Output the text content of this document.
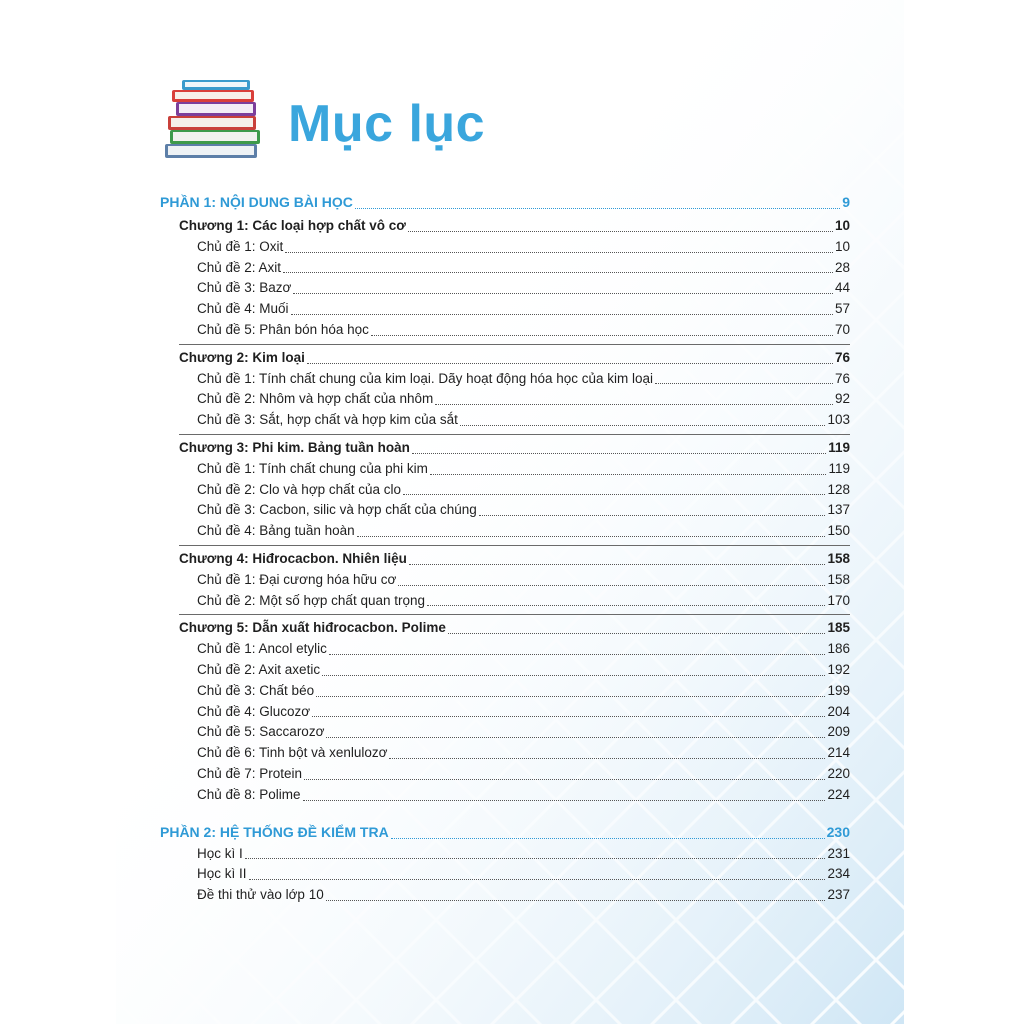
Mục lục
PHẦN 1: NỘI DUNG BÀI HỌC	9
Chương 1: Các loại hợp chất vô cơ	10
Chủ đề 1: Oxit	10
Chủ đề 2: Axit	28
Chủ đề 3: Bazơ	44
Chủ đề 4: Muối	57
Chủ đề 5: Phân bón hóa học	70
Chương 2: Kim loại	76
Chủ đề 1: Tính chất chung của kim loại. Dãy hoạt động hóa học của kim loại	76
Chủ đề 2: Nhôm và hợp chất của nhôm	92
Chủ đề 3: Sắt, hợp chất và hợp kim của sắt	103
Chương 3: Phi kim. Bảng tuần hoàn	119
Chủ đề 1: Tính chất chung của phi kim	119
Chủ đề 2: Clo và hợp chất của clo	128
Chủ đề 3: Cacbon, silic và hợp chất của chúng	137
Chủ đề 4: Bảng tuần hoàn	150
Chương 4: Hiđrocacbon. Nhiên liệu	158
Chủ đề 1: Đại cương hóa hữu cơ	158
Chủ đề 2: Một số hợp chất quan trọng	170
Chương 5: Dẫn xuất hiđrocacbon. Polime	185
Chủ đề 1: Ancol etylic	186
Chủ đề 2: Axit axetic	192
Chủ đề 3: Chất béo	199
Chủ đề 4: Glucozơ	204
Chủ đề 5: Saccarozơ	209
Chủ đề 6: Tinh bột và xenlulozơ	214
Chủ đề 7: Protein	220
Chủ đề 8: Polime	224
PHẦN 2: HỆ THỐNG ĐỀ KIỂM TRA	230
Học kì I	231
Học kì II	234
Đề thi thử vào lớp 10	237
